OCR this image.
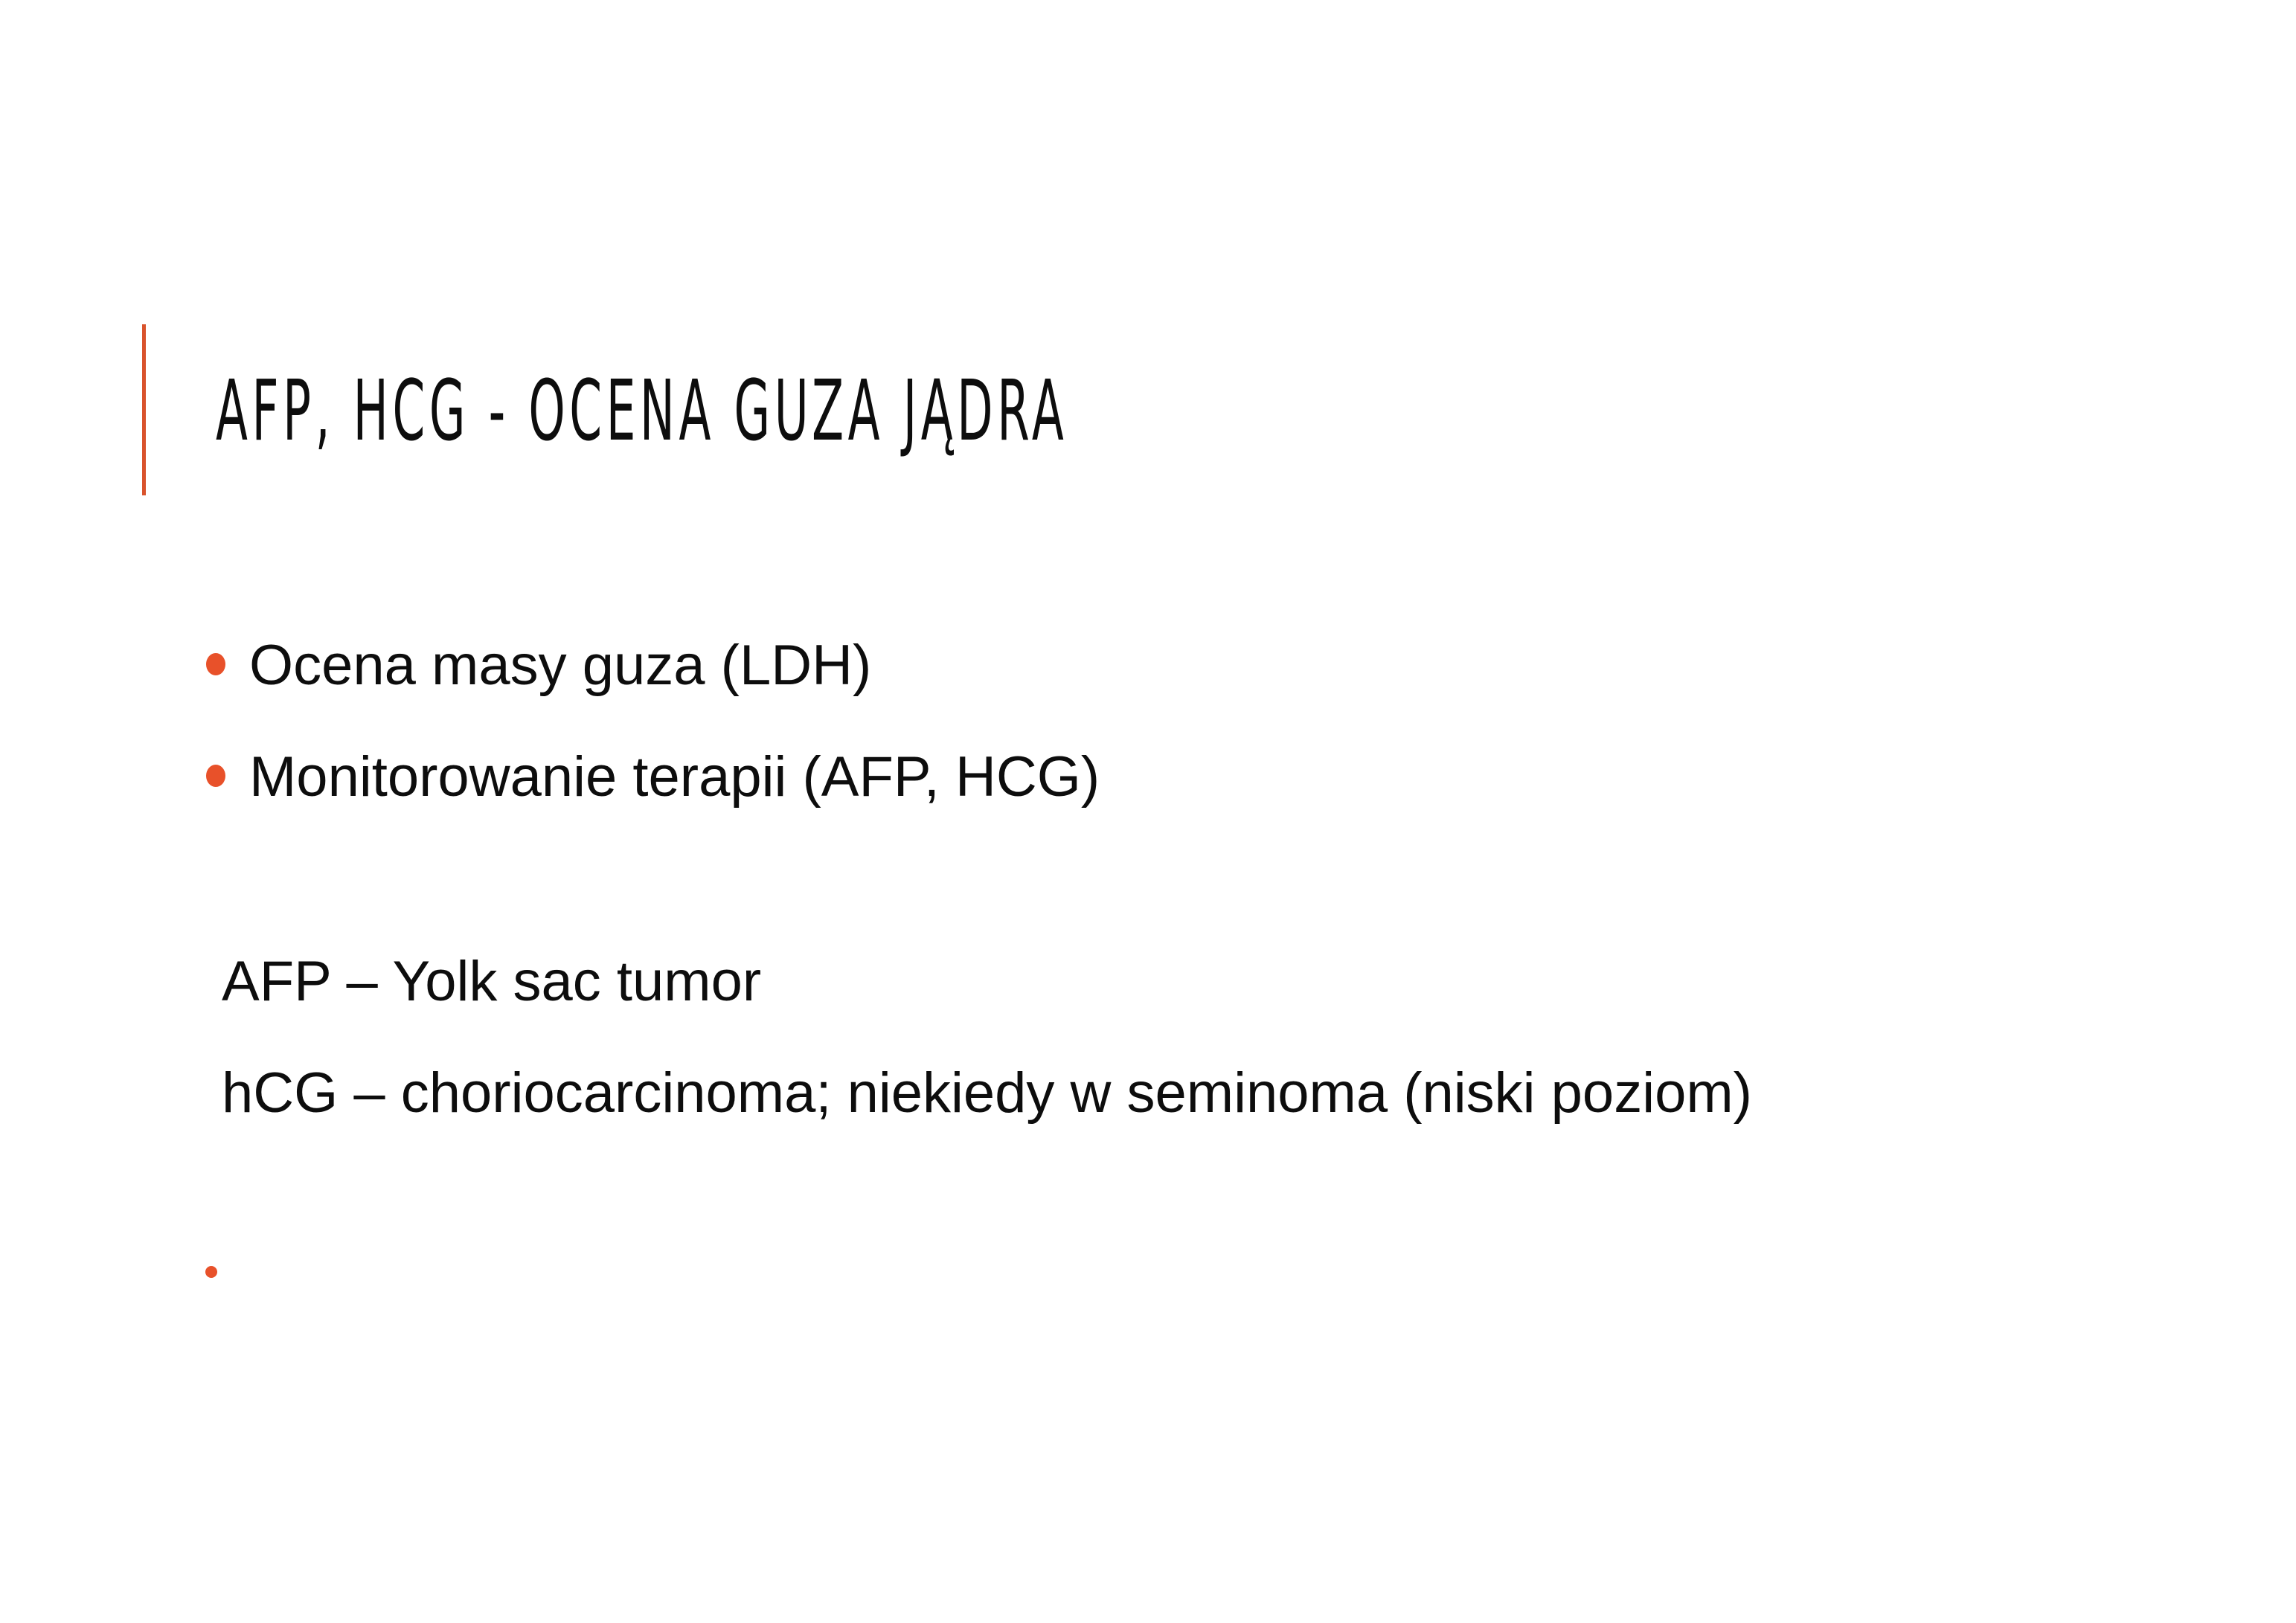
AFP, HCG - OCENA GUZA JĄDRA
Ocena masy guza (LDH)
Monitorowanie terapii (AFP, HCG)
AFP – Yolk sac tumor
hCG – choriocarcinoma; niekiedy w seminoma (niski poziom)
